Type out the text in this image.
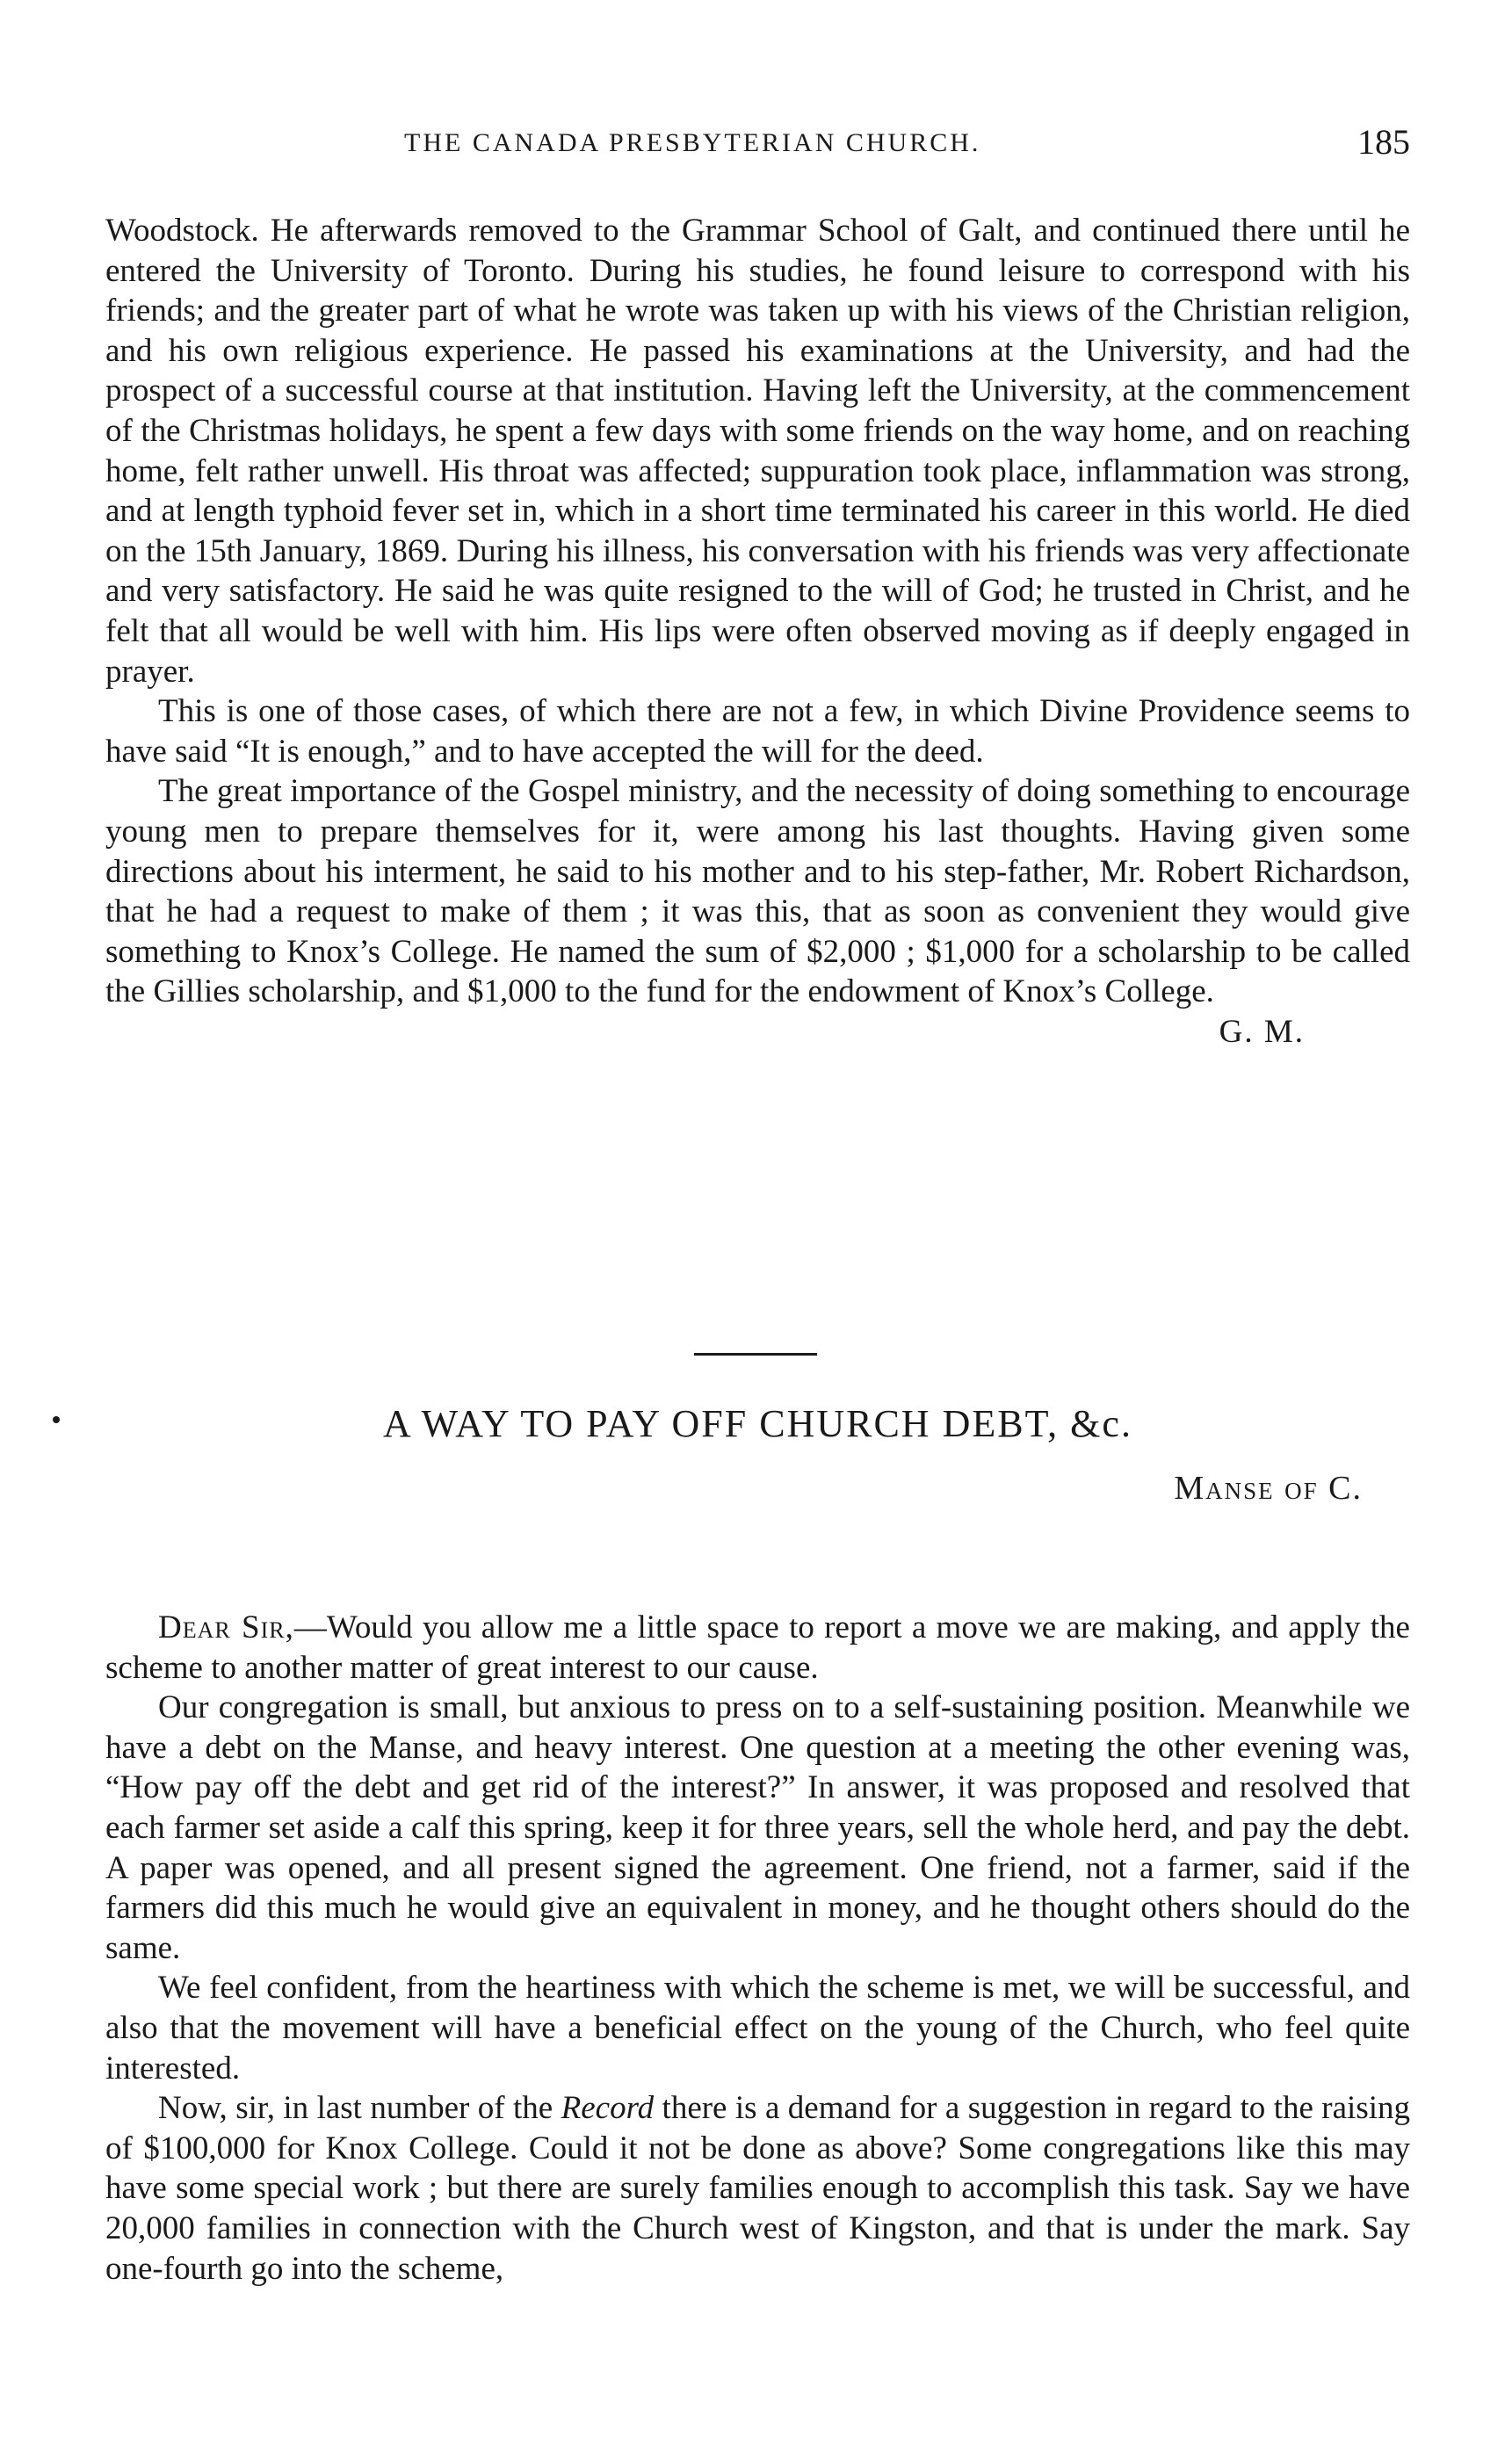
THE CANADA PRESBYTERIAN CHURCH.	185

Woodstock. He afterwards removed to the Grammar School of Galt, and continued there until he entered the University of Toronto. During his studies, he found leisure to correspond with his friends; and the greater part of what he wrote was taken up with his views of the Christian religion, and his own religious experience. He passed his examinations at the University, and had the prospect of a successful course at that institution. Having left the University, at the commencement of the Christmas holidays, he spent a few days with some friends on the way home, and on reaching home, felt rather unwell. His throat was affected; suppuration took place, inflammation was strong, and at length typhoid fever set in, which in a short time terminated his career in this world. He died on the 15th January, 1869. During his illness, his conversation with his friends was very affectionate and very satisfactory. He said he was quite resigned to the will of God; he trusted in Christ, and he felt that all would be well with him. His lips were often observed moving as if deeply engaged in prayer.

This is one of those cases, of which there are not a few, in which Divine Providence seems to have said “It is enough,” and to have accepted the will for the deed.

The great importance of the Gospel ministry, and the necessity of doing something to encourage young men to prepare themselves for it, were among his last thoughts. Having given some directions about his interment, he said to his mother and to his step-father, Mr. Robert Richardson, that he had a request to make of them ; it was this, that as soon as convenient they would give something to Knox’s College. He named the sum of $2,000 ; $1,000 for a scholarship to be called the Gillies scholarship, and $1,000 to the fund for the endowment of Knox’s College.

G. M.
A WAY TO PAY OFF CHURCH DEBT, &c.
Manse of C.

Dear Sir,—Would you allow me a little space to report a move we are making, and apply the scheme to another matter of great interest to our cause.

Our congregation is small, but anxious to press on to a self-sustaining position. Meanwhile we have a debt on the Manse, and heavy interest. One question at a meeting the other evening was, “How pay off the debt and get rid of the interest?” In answer, it was proposed and resolved that each farmer set aside a calf this spring, keep it for three years, sell the whole herd, and pay the debt. A paper was opened, and all present signed the agreement. One friend, not a farmer, said if the farmers did this much he would give an equivalent in money, and he thought others should do the same.

We feel confident, from the heartiness with which the scheme is met, we will be successful, and also that the movement will have a beneficial effect on the young of the Church, who feel quite interested.

Now, sir, in last number of the Record there is a demand for a suggestion in regard to the raising of $100,000 for Knox College. Could it not be done as above? Some congregations like this may have some special work ; but there are surely families enough to accomplish this task. Say we have 20,000 families in connection with the Church west of Kingston, and that is under the mark. Say one-fourth go into the scheme,
